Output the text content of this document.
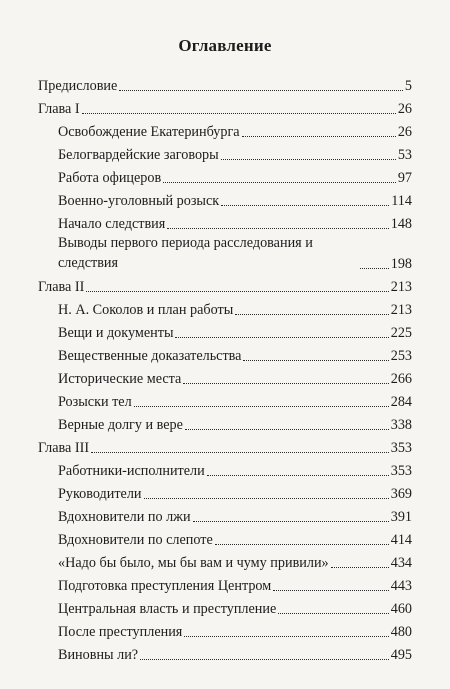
Оглавление
Предисловие	5
Глава I	26
Освобождение Екатеринбурга	26
Белогвардейские заговоры	53
Работа офицеров	97
Военно-уголовный розыск	114
Начало следствия	148
Выводы первого периода расследования и следствия	198
Глава II	213
Н. А. Соколов и план работы	213
Вещи и документы	225
Вещественные доказательства	253
Исторические места	266
Розыски тел	284
Верные долгу и вере	338
Глава III	353
Работники-исполнители	353
Руководители	369
Вдохновители по лжи	391
Вдохновители по слепоте	414
«Надо бы было, мы бы вам и чуму привили»	434
Подготовка преступления Центром	443
Центральная власть и преступление	460
После преступления	480
Виновны ли?	495
